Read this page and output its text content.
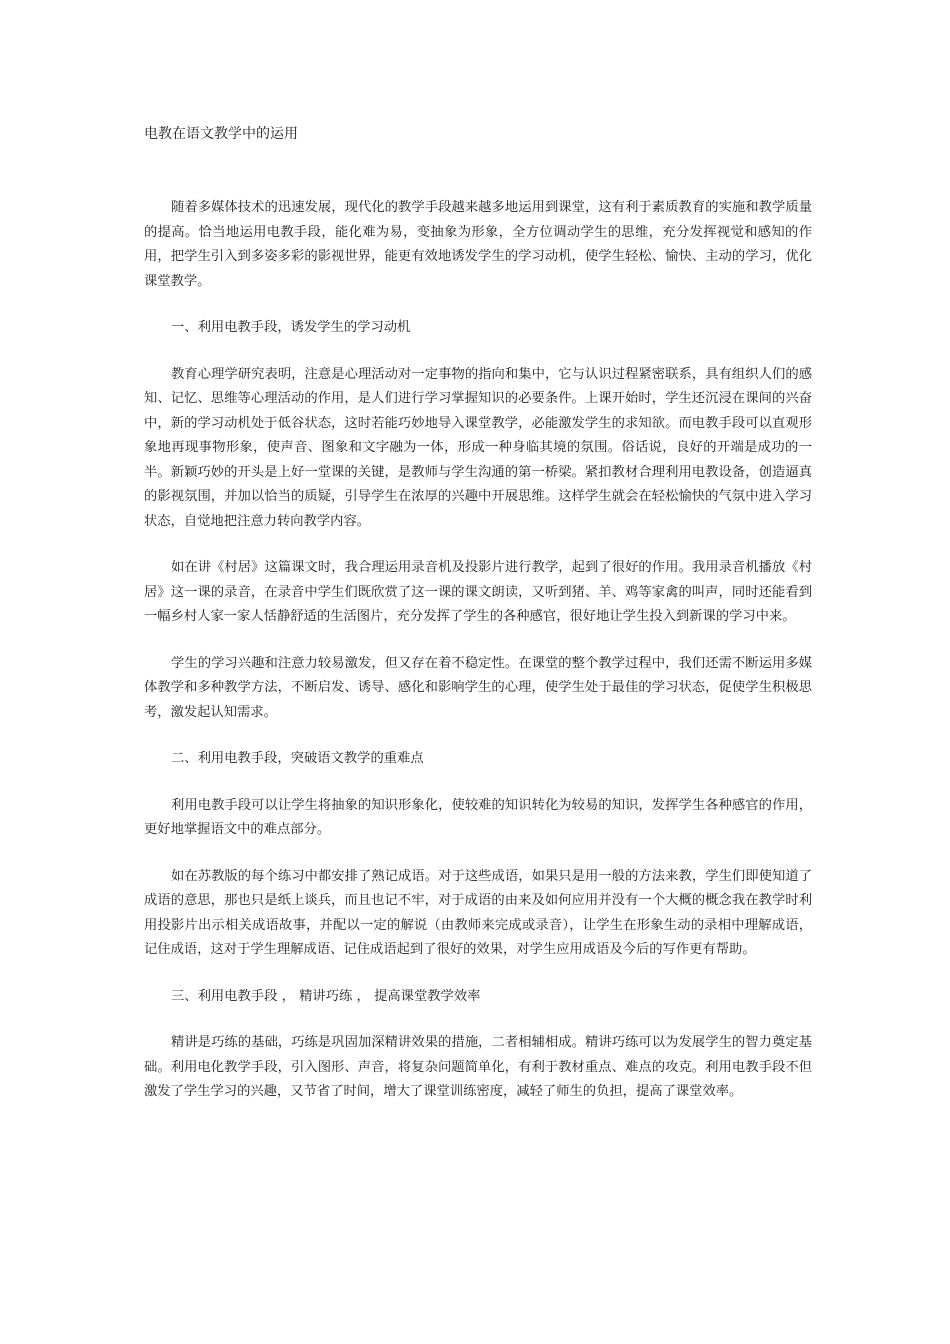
电教在语文教学中的运用

随着多媒体技术的迅速发展，现代化的教学手段越来越多地运用到课堂，这有利于素质教育的实施和教学质量的提高。恰当地运用电教手段，能化难为易，变抽象为形象，全方位调动学生的思维，充分发挥视觉和感知的作用，把学生引入到多姿多彩的影视世界，能更有效地诱发学生的学习动机，使学生轻松、愉快、主动的学习，优化课堂教学。

一、利用电教手段，诱发学生的学习动机

教育心理学研究表明，注意是心理活动对一定事物的指向和集中，它与认识过程紧密联系，具有组织人们的感知、记忆、思维等心理活动的作用，是人们进行学习掌握知识的必要条件。上课开始时，学生还沉浸在课间的兴奋中，新的学习动机处于低谷状态，这时若能巧妙地导入课堂教学，必能激发学生的求知欲。而电教手段可以直观形象地再现事物形象，使声音、图象和文字融为一体，形成一种身临其境的氛围。俗话说，良好的开端是成功的一半。新颖巧妙的开头是上好一堂课的关键，是教师与学生沟通的第一桥梁。紧扣教材合理利用电教设备，创造逼真的影视氛围，并加以恰当的质疑，引导学生在浓厚的兴趣中开展思维。这样学生就会在轻松愉快的气氛中进入学习状态，自觉地把注意力转向教学内容。

如在讲《村居》这篇课文时，我合理运用录音机及投影片进行教学，起到了很好的作用。我用录音机播放《村居》这一课的录音，在录音中学生们既欣赏了这一课的课文朗读，又听到猪、羊、鸡等家禽的叫声，同时还能看到一幅乡村人家一家人恬静舒适的生活图片，充分发挥了学生的各种感官，很好地让学生投入到新课的学习中来。

学生的学习兴趣和注意力较易激发，但又存在着不稳定性。在课堂的整个教学过程中，我们还需不断运用多媒体教学和多种教学方法，不断启发、诱导、感化和影响学生的心理，使学生处于最佳的学习状态，促使学生积极思考，激发起认知需求。

二、利用电教手段，突破语文教学的重难点

利用电教手段可以让学生将抽象的知识形象化，使较难的知识转化为较易的知识，发挥学生各种感官的作用，更好地掌握语文中的难点部分。

如在苏教版的每个练习中都安排了熟记成语。对于这些成语，如果只是用一般的方法来教，学生们即使知道了成语的意思，那也只是纸上谈兵，而且也记不牢，对于成语的由来及如何应用并没有一个大概的概念我在教学时利用投影片出示相关成语故事，并配以一定的解说（由教师来完成或录音），让学生在形象生动的录相中理解成语，记住成语，这对于学生理解成语、记住成语起到了很好的效果，对学生应用成语及今后的写作更有帮助。

三、利用电教手段 ， 精讲巧练 ， 提高课堂教学效率

精讲是巧练的基础，巧练是巩固加深精讲效果的措施，二者相辅相成。精讲巧练可以为发展学生的智力奠定基础。利用电化教学手段，引入图形、声音，将复杂问题简单化，有利于教材重点、难点的攻克。利用电教手段不但激发了学生学习的兴趣，又节省了时间，增大了课堂训练密度，减轻了师生的负担，提高了课堂效率。
